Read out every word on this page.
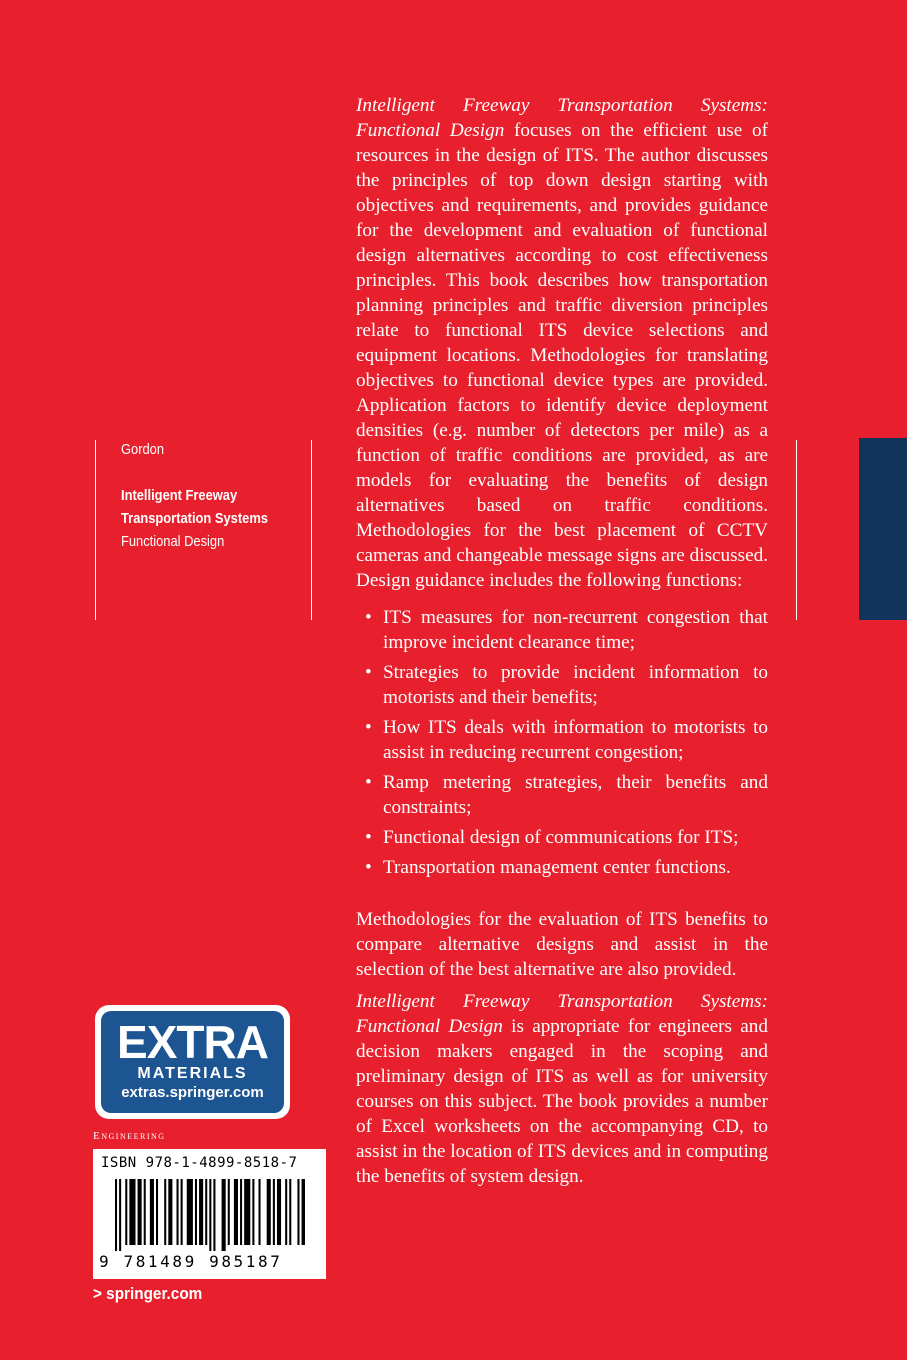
Gordon
Intelligent Freeway
Transportation Systems
Functional Design

Intelligent Freeway Transportation Systems: Functional Design focuses on the efficient use of resources in the design of ITS. The author discusses the principles of top down design starting with objectives and requirements, and provides guidance for the development and evaluation of functional design alternatives according to cost effectiveness principles. This book describes how transportation planning principles and traffic diversion principles relate to functional ITS device selections and equipment locations. Methodologies for translating objectives to functional device types are provided. Application factors to identify device deployment densities (e.g. number of detectors per mile) as a function of traffic conditions are provided, as are models for evaluating the benefits of design alternatives based on traffic conditions. Methodologies for the best placement of CCTV cameras and changeable message signs are discussed. Design guidance includes the following functions:

• ITS measures for non-recurrent congestion that improve incident clearance time;
• Strategies to provide incident information to motorists and their benefits;
• How ITS deals with information to motorists to assist in reducing recurrent congestion;
• Ramp metering strategies, their benefits and constraints;
• Functional design of communications for ITS;
• Transportation management center functions.

Methodologies for the evaluation of ITS benefits to compare alternative designs and assist in the selection of the best alternative are also provided.

Intelligent Freeway Transportation Systems: Functional Design is appropriate for engineers and decision makers engaged in the scoping and preliminary design of ITS as well as for university courses on this subject. The book provides a number of Excel worksheets on the accompanying CD, to assist in the location of ITS devices and in computing the benefits of system design.

EXTRA
MATERIALS
extras.springer.com
Engineering
ISBN 978-1-4899-8518-7
9 781489 985187
> springer.com
